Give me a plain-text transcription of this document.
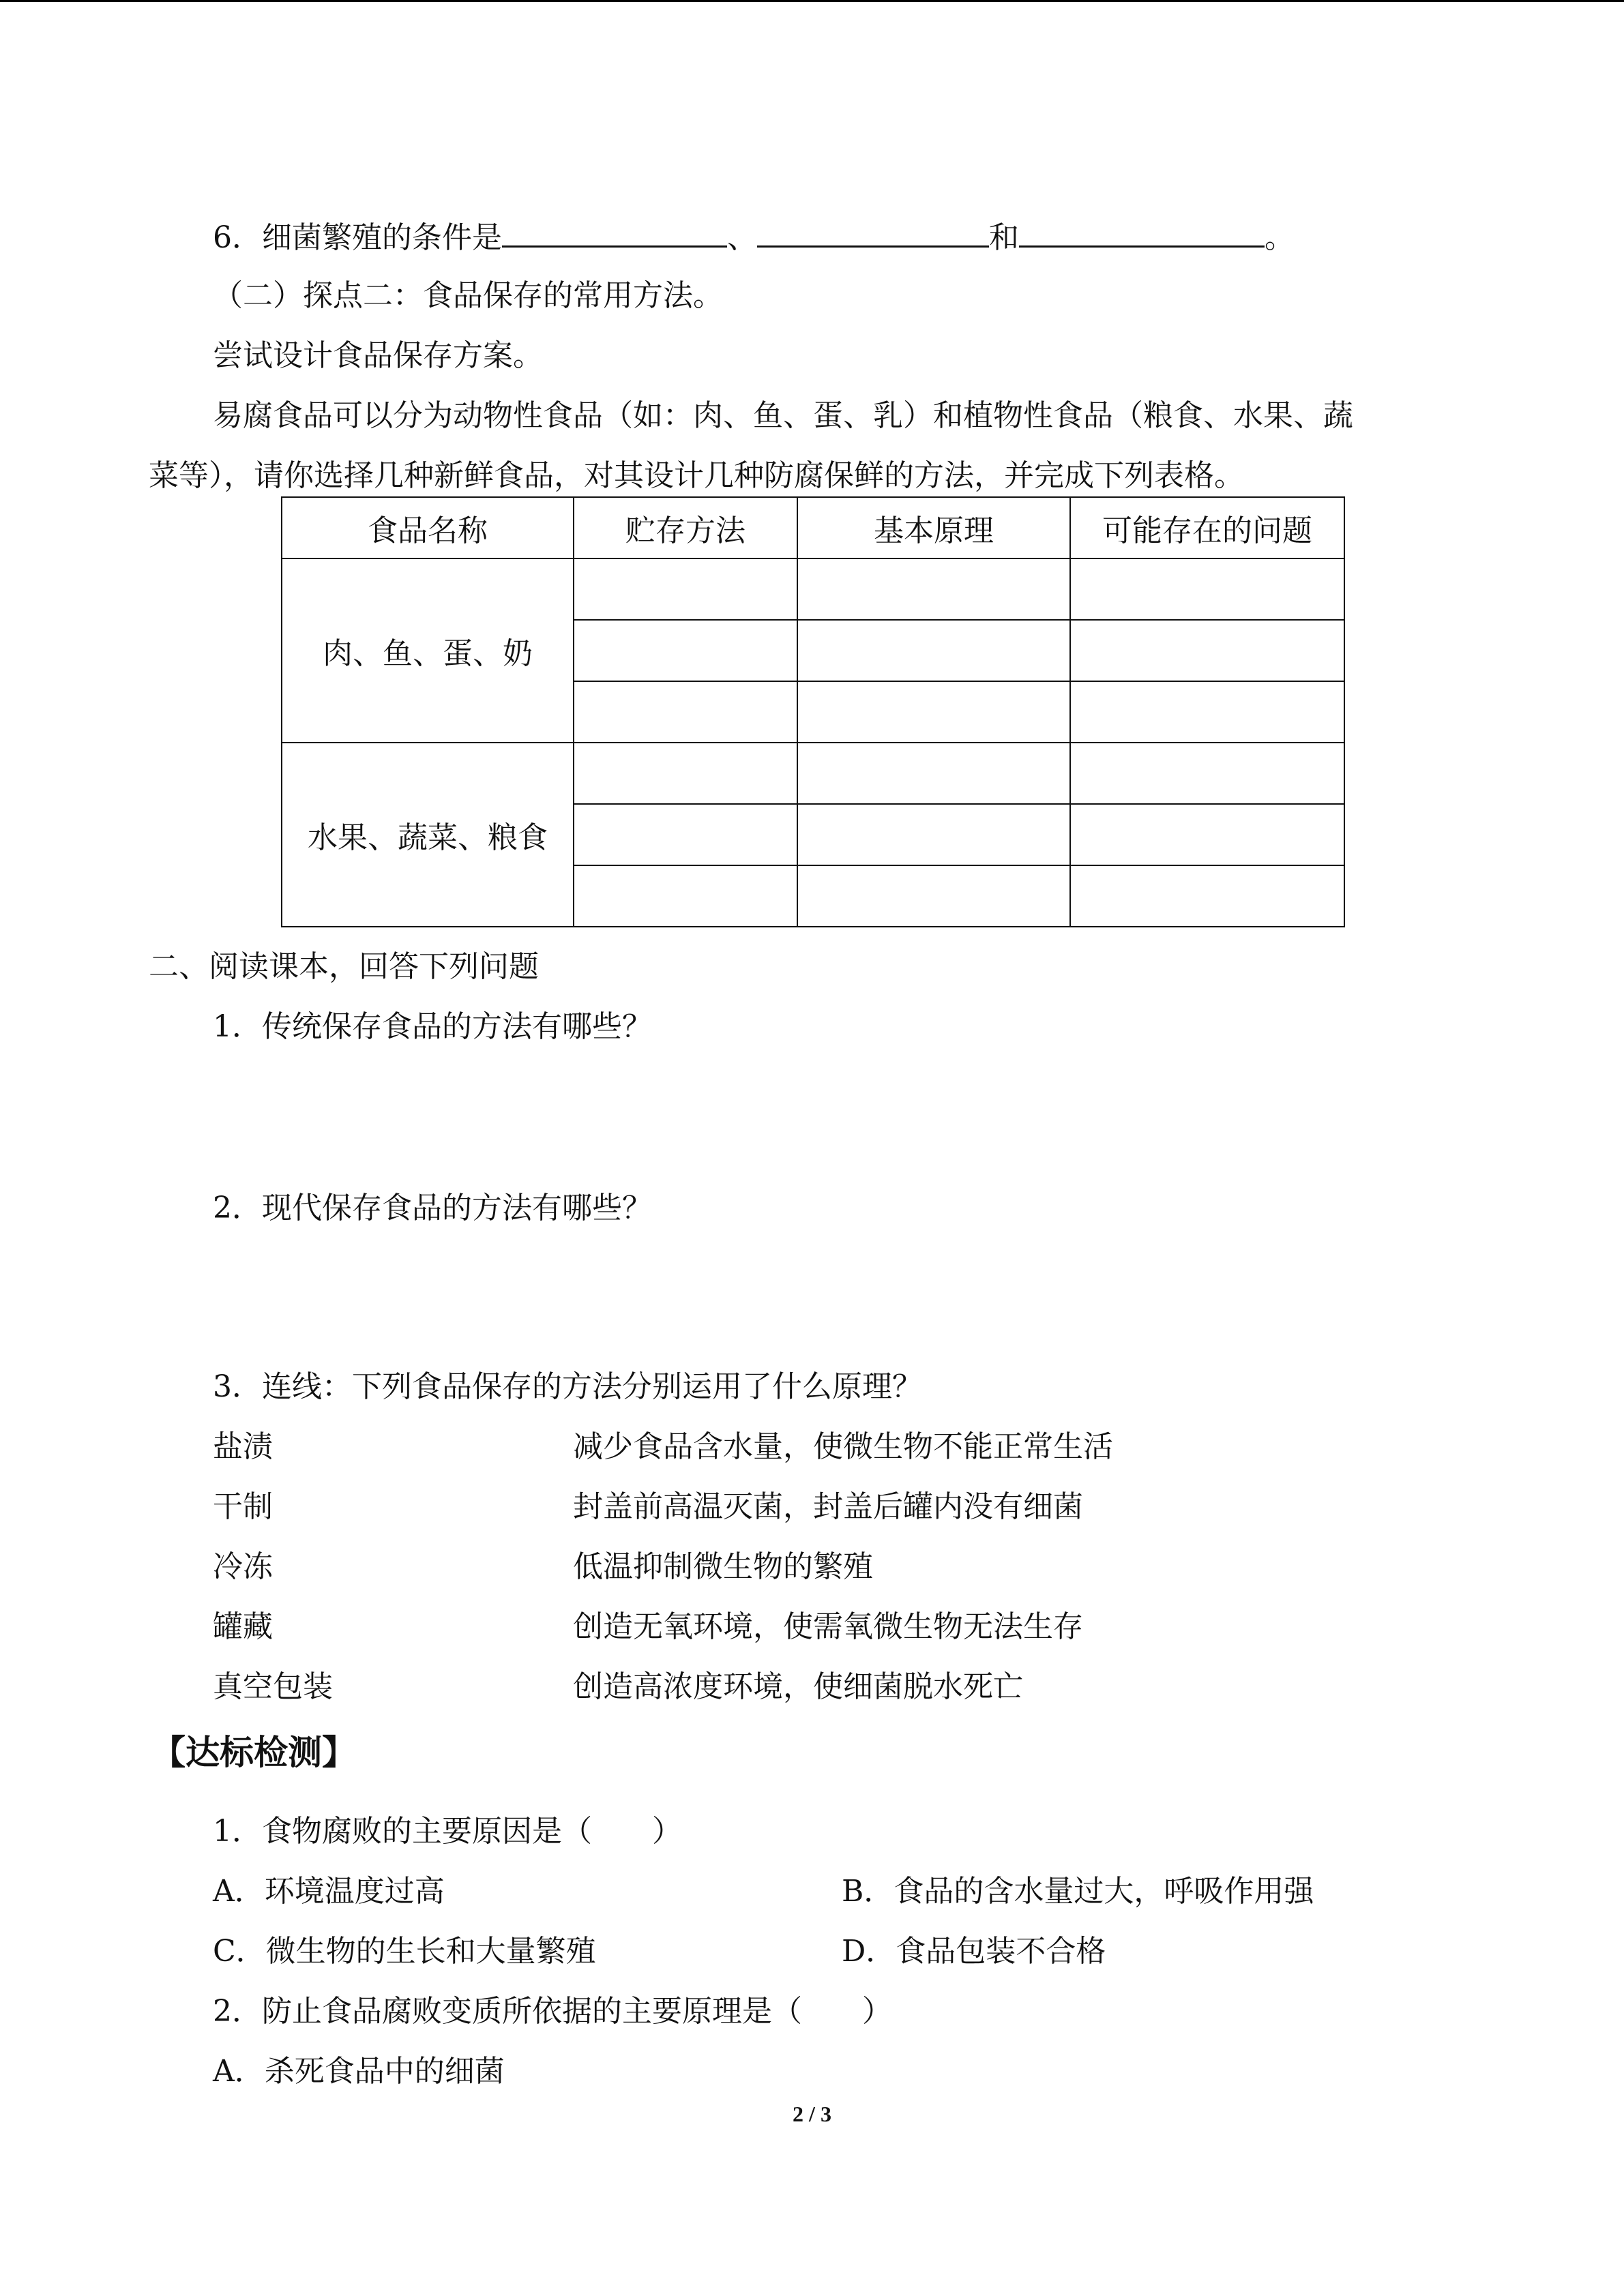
6．细菌繁殖的条件是	、	和	。
（二）探点二：食品保存的常用方法。
尝试设计食品保存方案。
易腐食品可以分为动物性食品（如：肉、鱼、蛋、乳）和植物性食品（粮食、水果、蔬
菜等），请你选择几种新鲜食品，对其设计几种防腐保鲜的方法，并完成下列表格。
食品名称	贮存方法	基本原理	可能存在的问题
肉、鱼、蛋、奶			

水果、蔬菜、粮食			

二、阅读课本，回答下列问题
1．传统保存食品的方法有哪些？
2．现代保存食品的方法有哪些？
3．连线：下列食品保存的方法分别运用了什么原理？
盐渍	减少食品含水量，使微生物不能正常生活
干制	封盖前高温灭菌，封盖后罐内没有细菌
冷冻	低温抑制微生物的繁殖
罐藏	创造无氧环境，使需氧微生物无法生存
真空包装	创造高浓度环境，使细菌脱水死亡
【达标检测】
1．食物腐败的主要原因是（　　）
A．环境温度过高	B．食品的含水量过大，呼吸作用强
C．微生物的生长和大量繁殖	D．食品包装不合格
2．防止食品腐败变质所依据的主要原理是（　　）
A．杀死食品中的细菌
2 / 3
